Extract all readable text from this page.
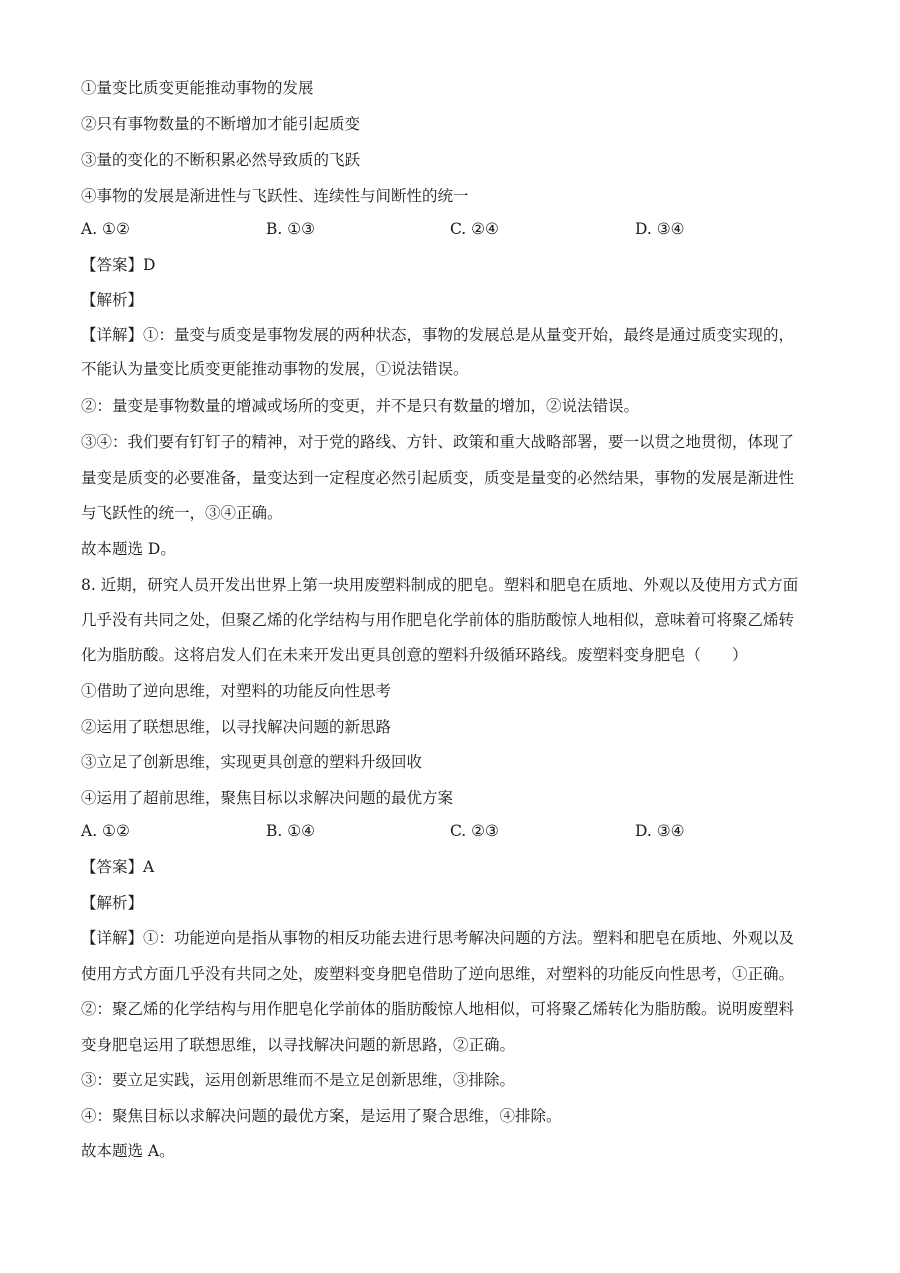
①量变比质变更能推动事物的发展
②只有事物数量的不断增加才能引起质变
③量的变化的不断积累必然导致质的飞跃
④事物的发展是渐进性与飞跃性、连续性与间断性的统一
A. ①②	B. ①③	C. ②④	D. ③④
【答案】D
【解析】
【详解】①：量变与质变是事物发展的两种状态，事物的发展总是从量变开始，最终是通过质变实现的，
不能认为量变比质变更能推动事物的发展，①说法错误。
②：量变是事物数量的增减或场所的变更，并不是只有数量的增加，②说法错误。
③④：我们要有钉钉子的精神，对于党的路线、方针、政策和重大战略部署，要一以贯之地贯彻，体现了
量变是质变的必要准备，量变达到一定程度必然引起质变，质变是量变的必然结果，事物的发展是渐进性
与飞跃性的统一，③④正确。
故本题选 D。
8. 近期，研究人员开发出世界上第一块用废塑料制成的肥皂。塑料和肥皂在质地、外观以及使用方式方面
几乎没有共同之处，但聚乙烯的化学结构与用作肥皂化学前体的脂肪酸惊人地相似，意味着可将聚乙烯转
化为脂肪酸。这将启发人们在未来开发出更具创意的塑料升级循环路线。废塑料变身肥皂（　　）
①借助了逆向思维，对塑料的功能反向性思考
②运用了联想思维，以寻找解决问题的新思路
③立足了创新思维，实现更具创意的塑料升级回收
④运用了超前思维，聚焦目标以求解决问题的最优方案
A. ①②	B. ①④	C. ②③	D. ③④
【答案】A
【解析】
【详解】①：功能逆向是指从事物的相反功能去进行思考解决问题的方法。塑料和肥皂在质地、外观以及
使用方式方面几乎没有共同之处，废塑料变身肥皂借助了逆向思维，对塑料的功能反向性思考，①正确。
②：聚乙烯的化学结构与用作肥皂化学前体的脂肪酸惊人地相似，可将聚乙烯转化为脂肪酸。说明废塑料
变身肥皂运用了联想思维，以寻找解决问题的新思路，②正确。
③：要立足实践，运用创新思维而不是立足创新思维，③排除。
④：聚焦目标以求解决问题的最优方案，是运用了聚合思维，④排除。
故本题选 A。
